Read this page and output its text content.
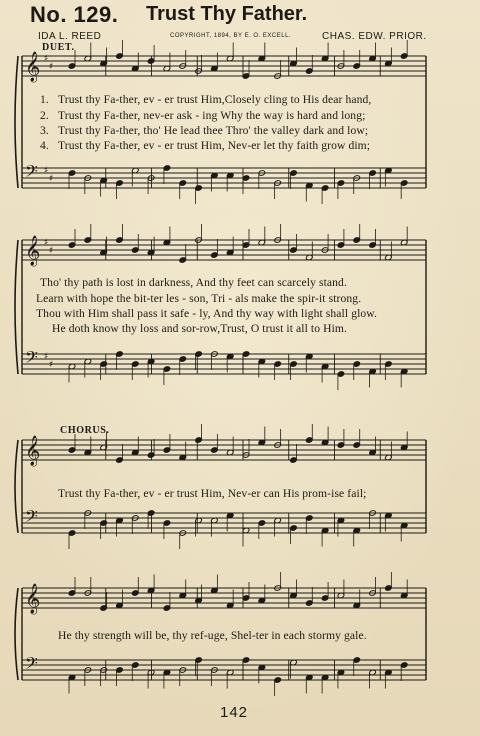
No. 129. Trust Thy Father.
IDA L. REED	COPYRIGHT, 1894, BY E. O. EXCELL.	CHAS. EDW. PRIOR.
DUET.
CHORUS.
1. Trust thy Fa-ther, ev - er trust Him,Closely cling to His dear hand,
2. Trust thy Fa-ther, nev-er ask - ing Why the way is hard and long;
3. Trust thy Fa-ther, tho' He lead thee Thro' the valley dark and low;
4. Trust thy Fa-ther, ev - er trust Him, Nev-er let thy faith grow dim;
Tho' thy path is lost in darkness, And thy feet can scarcely stand.
Learn with hope the bit-ter les - son, Tri - als make the spir-it strong.
Thou with Him shall pass it safe - ly, And thy way with light shall glow.
He doth know thy loss and sor-row,Trust, O trust it all to Him.
Trust thy Fa-ther, ev - er trust Him, Nev-er can His prom-ise fail;
He thy strength will be, thy ref-uge, Shel-ter in each stormy gale.
142
𝄞 ♯
♯
𝄢 ♯
♯
𝄞 ♯
♯
𝄢 ♯
♯
𝄞
𝄢
𝄞
𝄢
